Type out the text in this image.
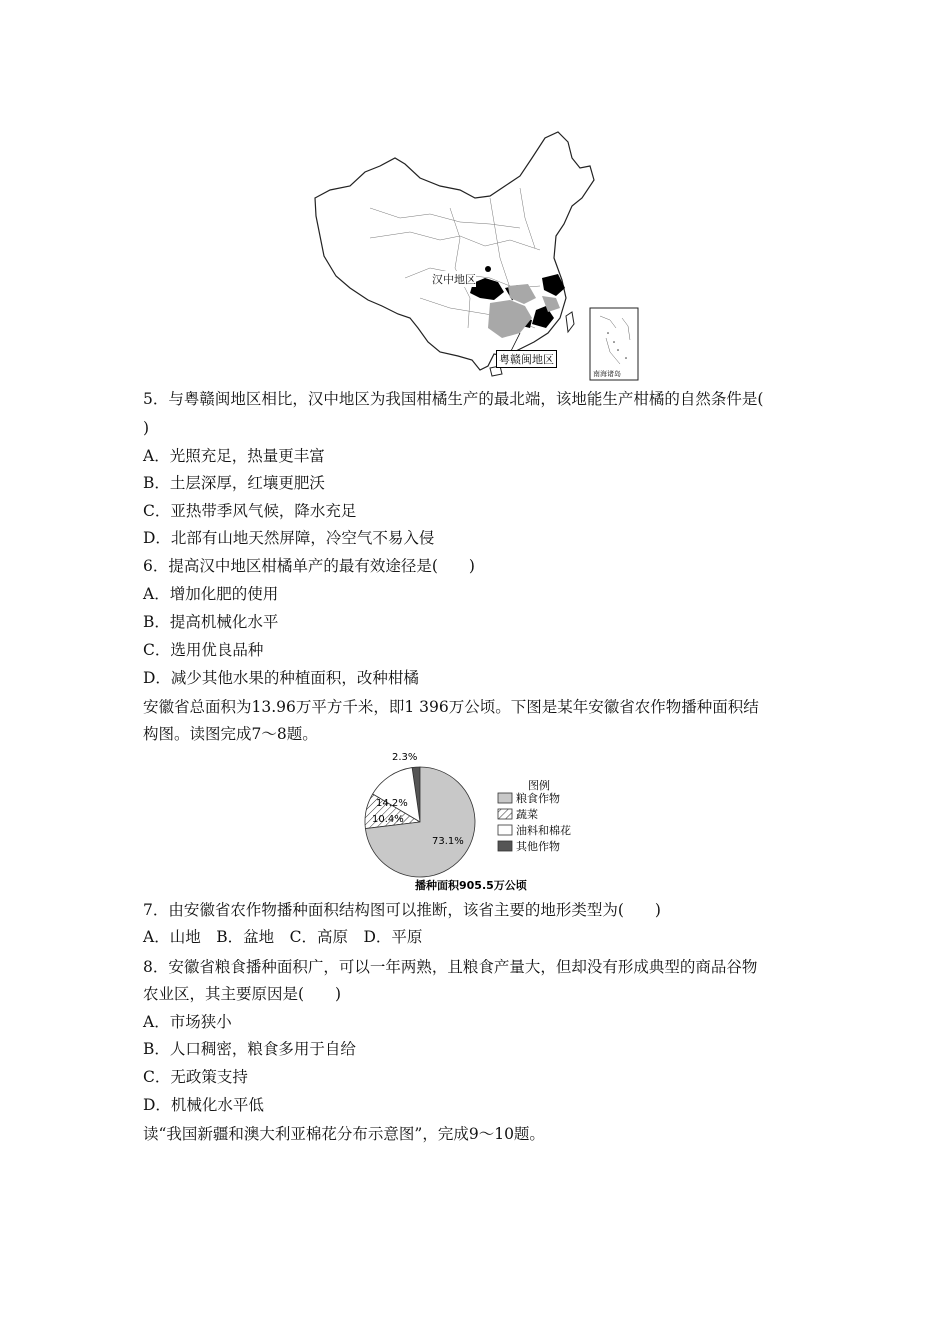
汉中地区
粤赣闽地区
南海诸岛
5．与粤赣闽地区相比，汉中地区为我国柑橘生产的最北端，该地能生产柑橘的自然条件是(
)
A．光照充足，热量更丰富
B．土层深厚，红壤更肥沃
C．亚热带季风气候，降水充足
D．北部有山地天然屏障，冷空气不易入侵
6．提高汉中地区柑橘单产的最有效途径是(　　)
A．增加化肥的使用
B．提高机械化水平
C．选用优良品种
D．减少其他水果的种植面积，改种柑橘
安徽省总面积为13.96万平方千米，即1 396万公顷。下图是某年安徽省农作物播种面积结
构图。读图完成7～8题。
2.3%
14.2%
10.4%
73.1%
图例
粮食作物
蔬菜
油料和棉花
其他作物
播种面积905.5万公顷
7．由安徽省农作物播种面积结构图可以推断，该省主要的地形类型为(　　)
A．山地　B．盆地　C．高原　D．平原
8．安徽省粮食播种面积广，可以一年两熟，且粮食产量大，但却没有形成典型的商品谷物
农业区，其主要原因是(　　)
A．市场狭小
B．人口稠密，粮食多用于自给
C．无政策支持
D．机械化水平低
读“我国新疆和澳大利亚棉花分布示意图”，完成9～10题。
